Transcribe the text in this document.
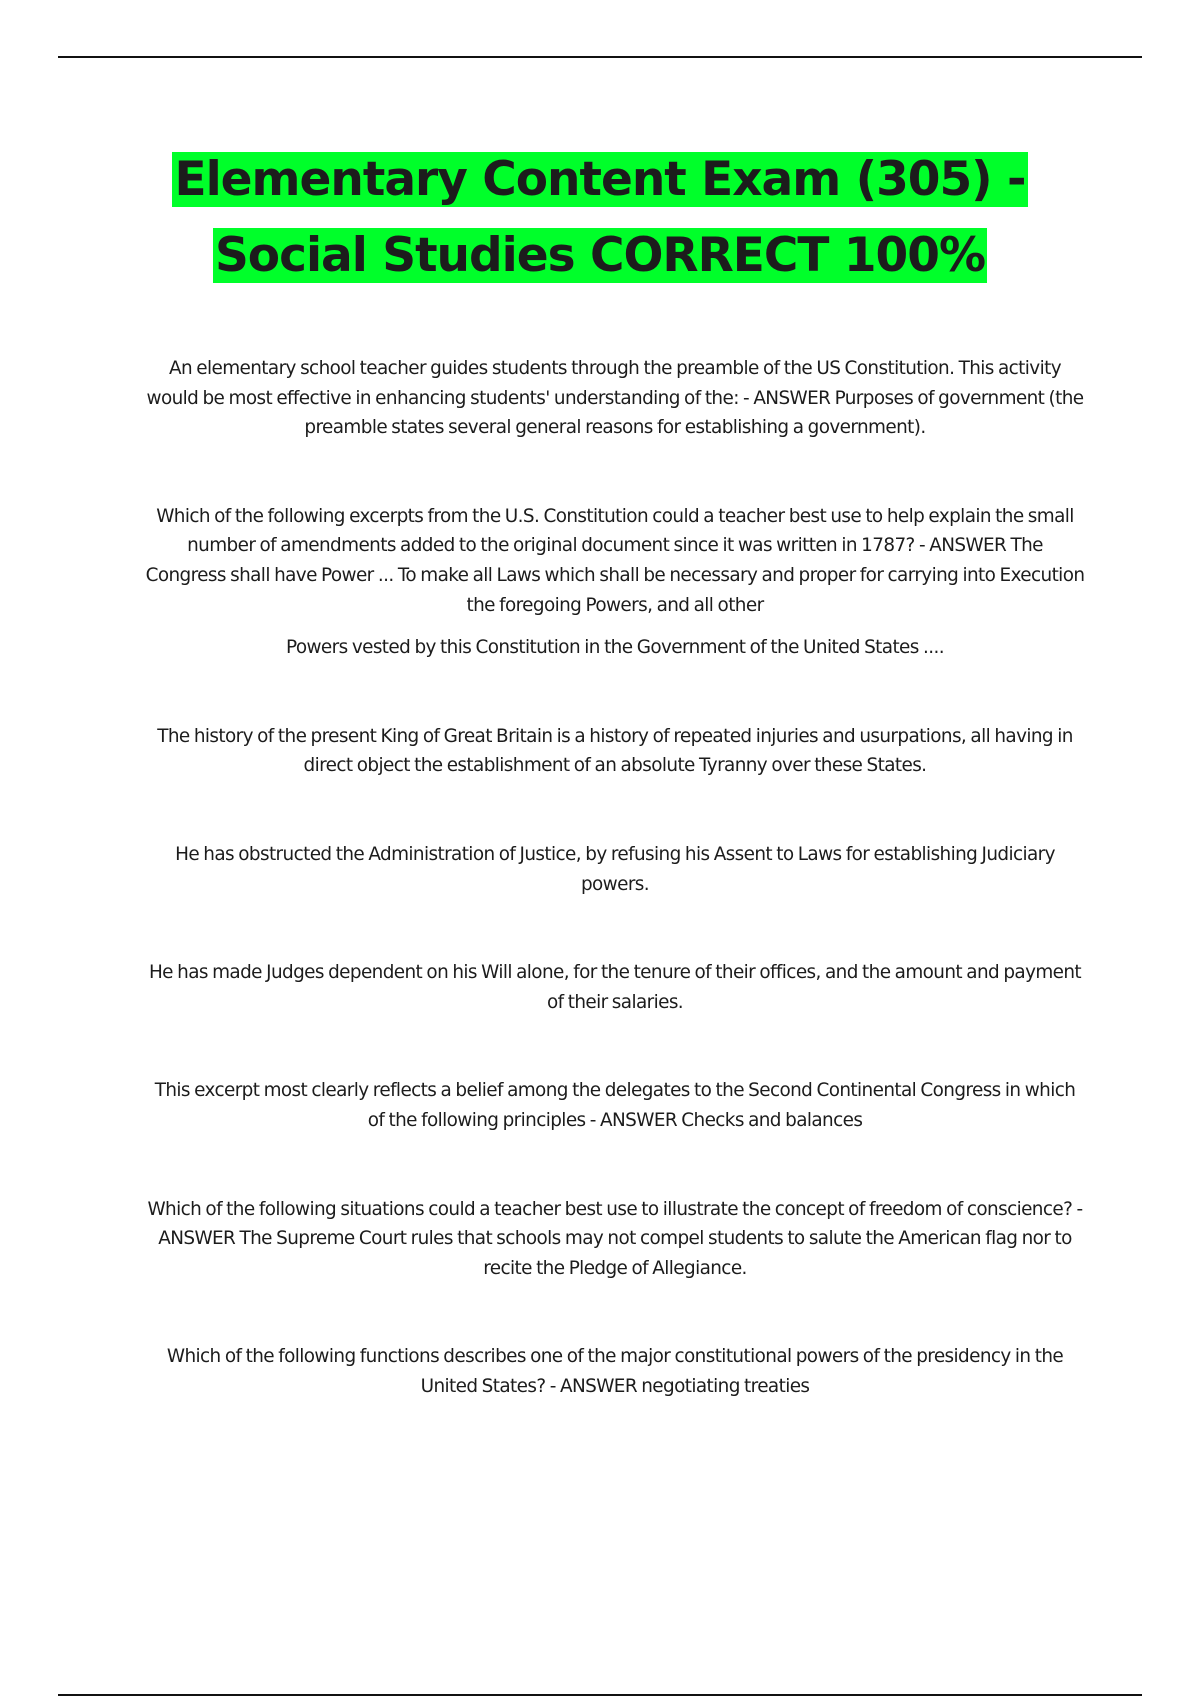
Elementary Content Exam (305) - Social Studies CORRECT 100%

An elementary school teacher guides students through the preamble of the US Constitution. This activity would be most effective in enhancing students' understanding of the: - ANSWER Purposes of government (the preamble states several general reasons for establishing a government).

Which of the following excerpts from the U.S. Constitution could a teacher best use to help explain the small number of amendments added to the original document since it was written in 1787? - ANSWER The Congress shall have Power ... To make all Laws which shall be necessary and proper for carrying into Execution the foregoing Powers, and all other

Powers vested by this Constitution in the Government of the United States ....

The history of the present King of Great Britain is a history of repeated injuries and usurpations, all having in direct object the establishment of an absolute Tyranny over these States.

He has obstructed the Administration of Justice, by refusing his Assent to Laws for establishing Judiciary powers.

He has made Judges dependent on his Will alone, for the tenure of their offices, and the amount and payment of their salaries.

This excerpt most clearly reflects a belief among the delegates to the Second Continental Congress in which of the following principles - ANSWER Checks and balances

Which of the following situations could a teacher best use to illustrate the concept of freedom of conscience? - ANSWER The Supreme Court rules that schools may not compel students to salute the American flag nor to recite the Pledge of Allegiance.

Which of the following functions describes one of the major constitutional powers of the presidency in the United States? - ANSWER negotiating treaties
